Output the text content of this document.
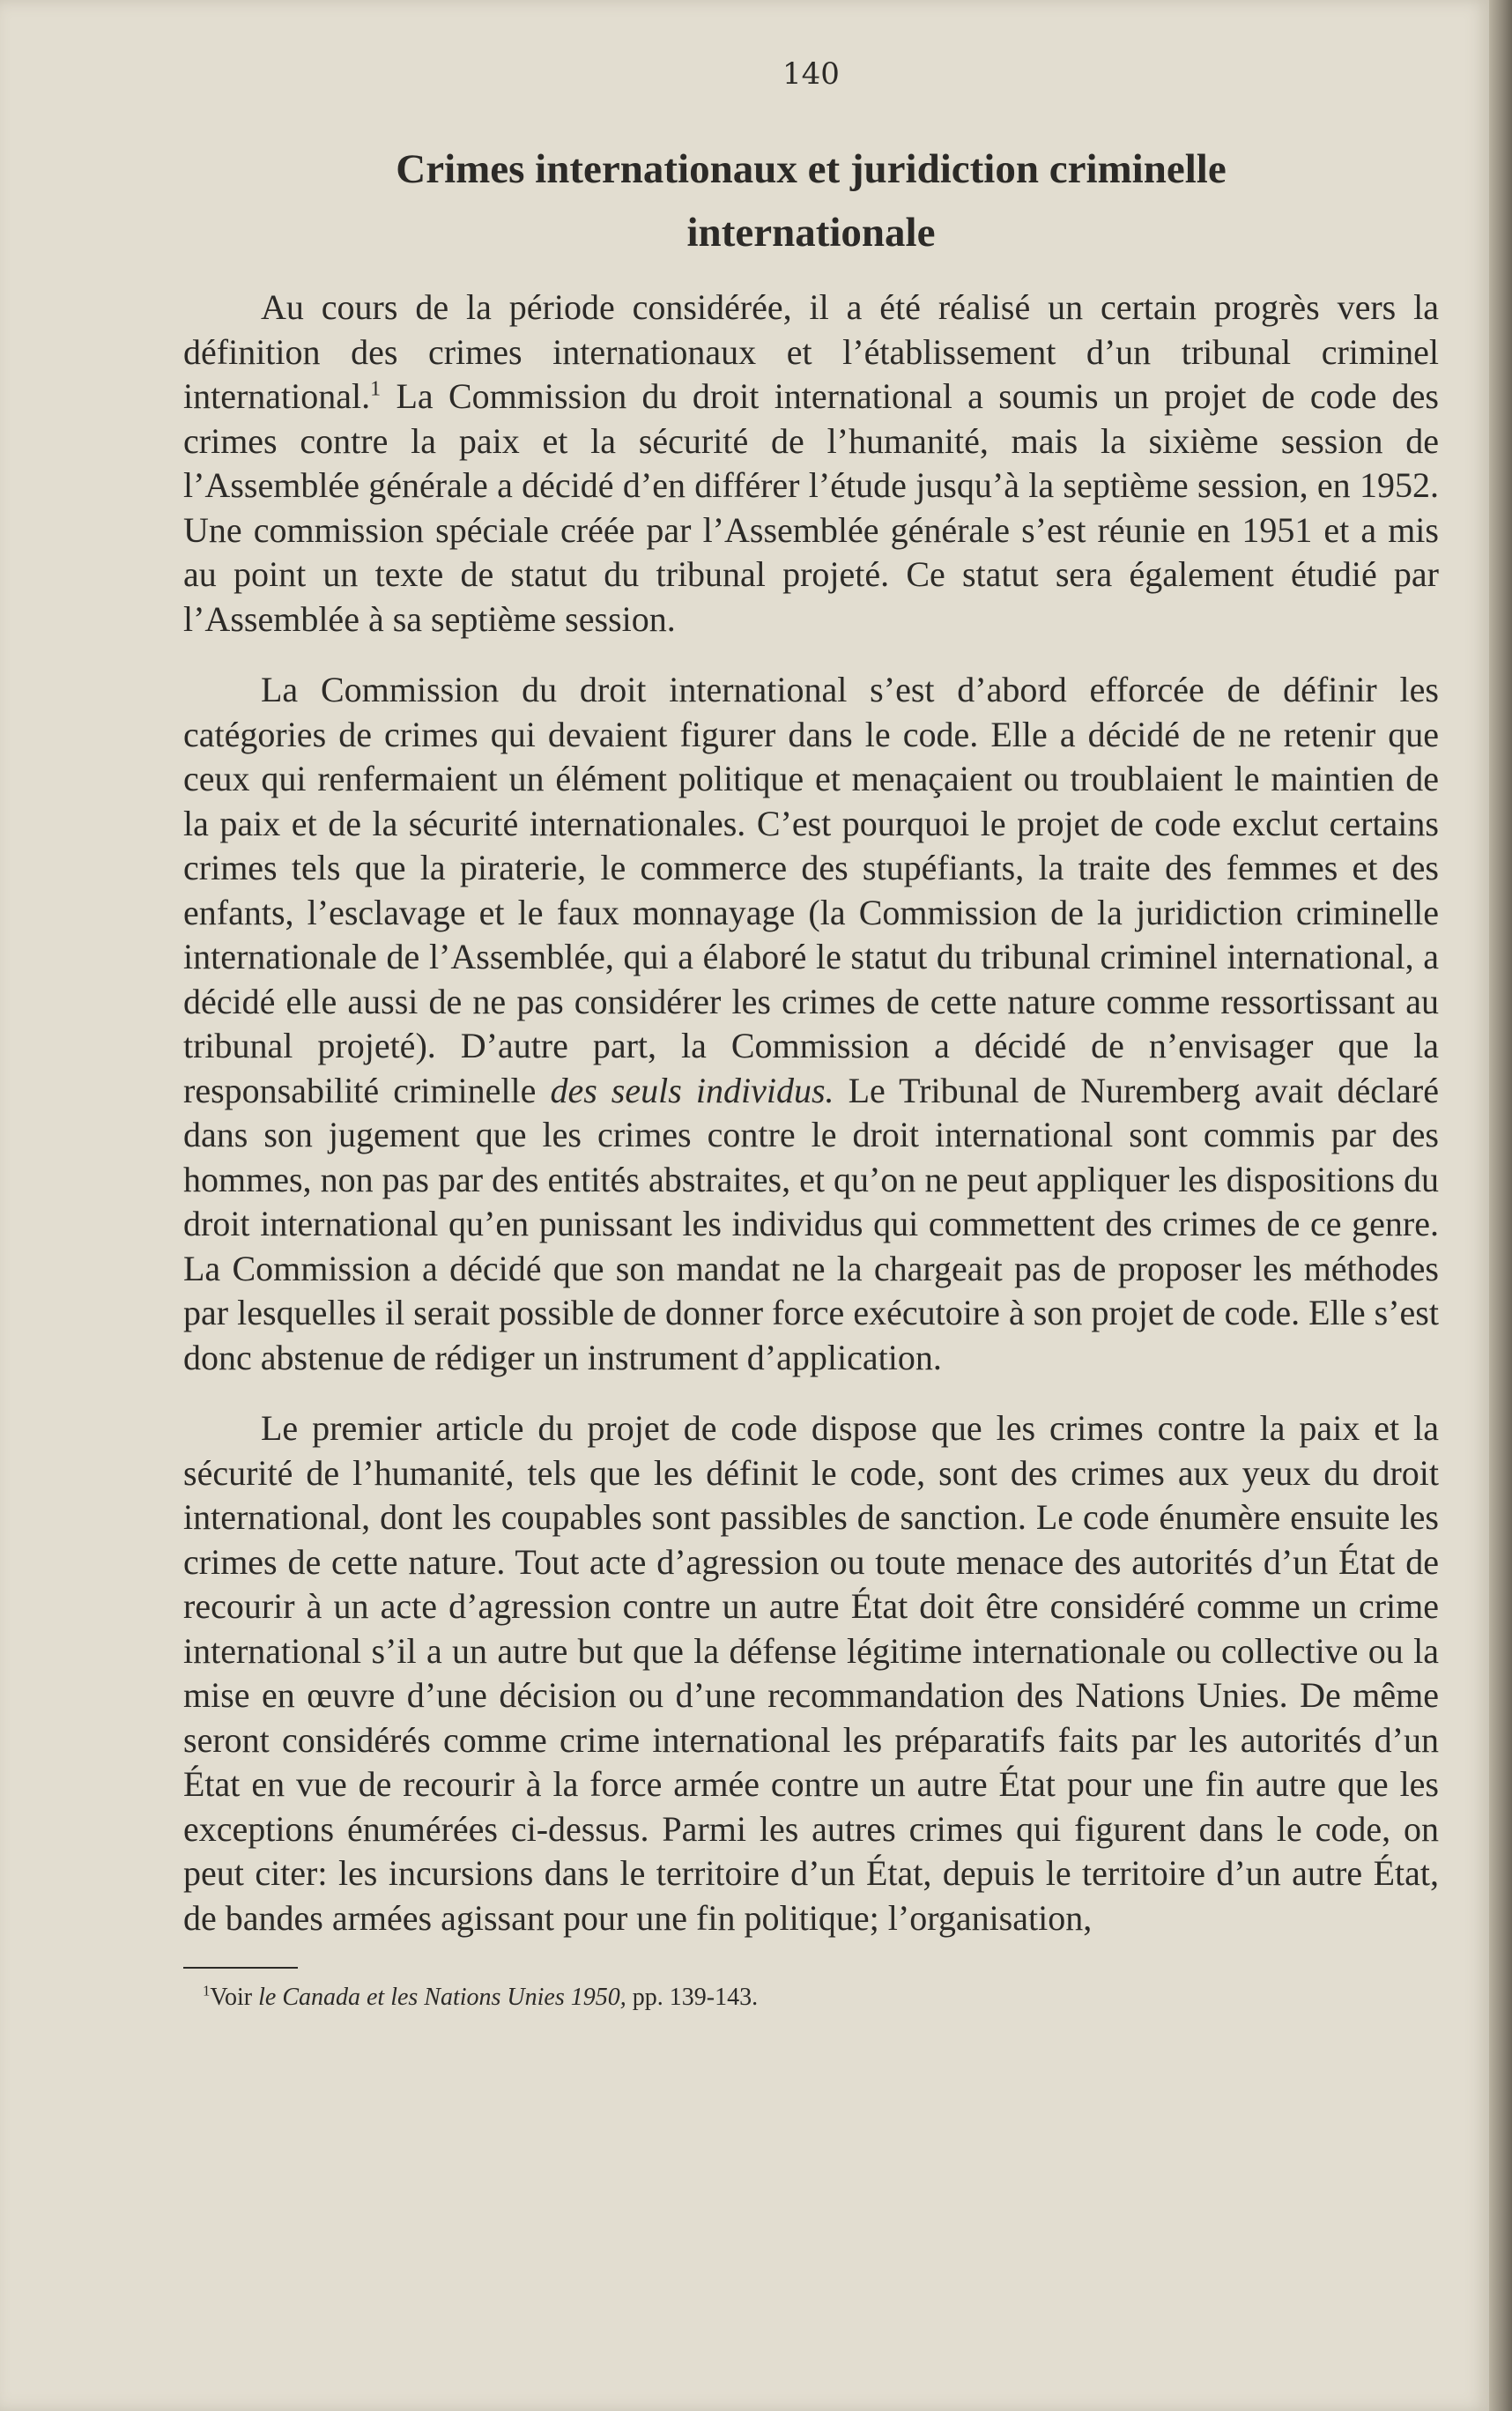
140
Crimes internationaux et juridiction criminelle
internationale

Au cours de la période considérée, il a été réalisé un certain progrès vers la définition des crimes internationaux et l’établissement d’un tribunal criminel international.$^1$ La Commission du droit international a soumis un projet de code des crimes contre la paix et la sécurité de l’humanité, mais la sixième session de l’Assemblée générale a décidé d’en différer l’étude jusqu’à la septième session, en 1952. Une commission spéciale créée par l’Assemblée générale s’est réunie en 1951 et a mis au point un texte de statut du tribunal projeté. Ce statut sera également étudié par l’Assemblée à sa septième session.

La Commission du droit international s’est d’abord efforcée de définir les catégories de crimes qui devaient figurer dans le code. Elle a décidé de ne retenir que ceux qui renfermaient un élément politique et menaçaient ou troublaient le maintien de la paix et de la sécurité internationales. C’est pourquoi le projet de code exclut certains crimes tels que la piraterie, le commerce des stupéfiants, la traite des femmes et des enfants, l’esclavage et le faux monnayage (la Commission de la juridiction criminelle internationale de l’Assemblée, qui a élaboré le statut du tribunal criminel international, a décidé elle aussi de ne pas considérer les crimes de cette nature comme ressortissant au tribunal projeté). D’autre part, la Commission a décidé de n’envisager que la responsabilité criminelle des seuls individus. Le Tribunal de Nuremberg avait déclaré dans son jugement que les crimes contre le droit international sont commis par des hommes, non pas par des entités abstraites, et qu’on ne peut appliquer les dispositions du droit international qu’en punissant les individus qui commettent des crimes de ce genre. La Commission a décidé que son mandat ne la chargeait pas de proposer les méthodes par lesquelles il serait possible de donner force exécutoire à son projet de code. Elle s’est donc abstenue de rédiger un instrument d’application.

Le premier article du projet de code dispose que les crimes contre la paix et la sécurité de l’humanité, tels que les définit le code, sont des crimes aux yeux du droit international, dont les coupables sont passibles de sanction. Le code énumère ensuite les crimes de cette nature. Tout acte d’agression ou toute menace des autorités d’un État de recourir à un acte d’agression contre un autre État doit être considéré comme un crime international s’il a un autre but que la défense légitime internationale ou collective ou la mise en œuvre d’une décision ou d’une recommandation des Nations Unies. De même seront considérés comme crime international les préparatifs faits par les autorités d’un État en vue de recourir à la force armée contre un autre État pour une fin autre que les exceptions énumérées ci-dessus. Parmi les autres crimes qui figurent dans le code, on peut citer: les incursions dans le territoire d’un État, depuis le territoire d’un autre État, de bandes armées agissant pour une fin politique; l’organisation,

$^1$Voir le Canada et les Nations Unies 1950, pp. 139-143.
